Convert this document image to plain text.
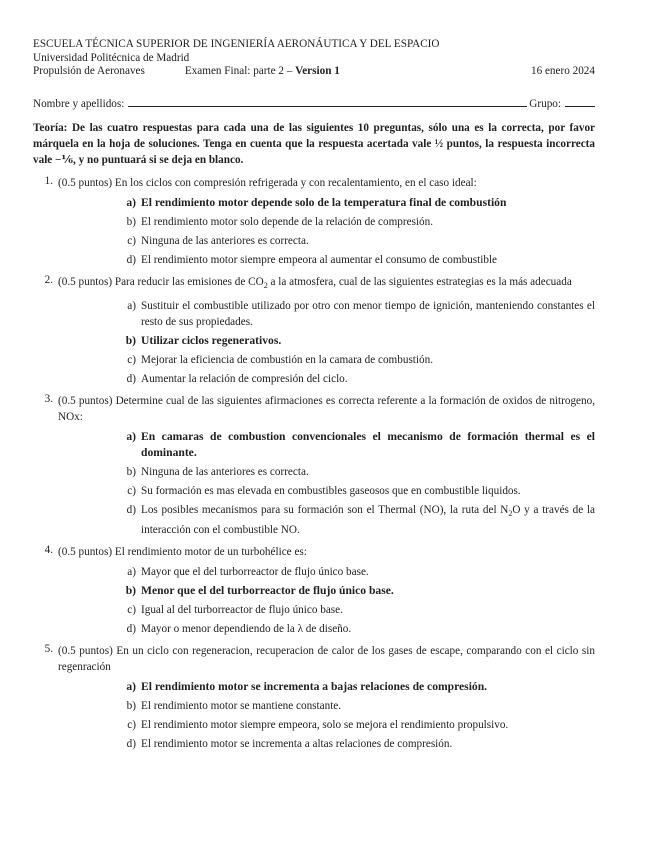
ESCUELA TÉCNICA SUPERIOR DE INGENIERÍA AERONÁUTICA Y DEL ESPACIO
Universidad Politécnica de Madrid
Propulsión de Aeronaves	Examen Final: parte 2 – Version 1	16 enero 2024
Nombre y apellidos:	Grupo:
Teoría: De las cuatro respuestas para cada una de las siguientes 10 preguntas, sólo una es la correcta, por favor márquela en la hoja de soluciones. Tenga en cuenta que la respuesta acertada vale ½ puntos, la respuesta incorrecta vale −⅙, y no puntuará si se deja en blanco.
1. (0.5 puntos) En los ciclos con compresión refrigerada y con recalentamiento, en el caso ideal:
a) El rendimiento motor depende solo de la temperatura final de combustión
b) El rendimiento motor solo depende de la relación de compresión.
c) Ninguna de las anteriores es correcta.
d) El rendimiento motor siempre empeora al aumentar el consumo de combustible
2. (0.5 puntos) Para reducir las emisiones de $CO_2$ a la atmosfera, cual de las siguientes estrategias es la más adecuada
a) Sustituir el combustible utilizado por otro con menor tiempo de ignición, manteniendo constantes el resto de sus propiedades.
b) Utilizar ciclos regenerativos.
c) Mejorar la eficiencia de combustión en la camara de combustión.
d) Aumentar la relación de compresión del ciclo.
3. (0.5 puntos) Determine cual de las siguientes afirmaciones es correcta referente a la formación de oxidos de nitrogeno, NOx:
a) En camaras de combustion convencionales el mecanismo de formación thermal es el dominante.
b) Ninguna de las anteriores es correcta.
c) Su formación es mas elevada en combustibles gaseosos que en combustible liquidos.
d) Los posibles mecanismos para su formación son el Thermal (NO), la ruta del $N_2O$ y a través de la interacción con el combustible NO.
4. (0.5 puntos) El rendimiento motor de un turbohélice es:
a) Mayor que el del turborreactor de flujo único base.
b) Menor que el del turborreactor de flujo único base.
c) Igual al del turborreactor de flujo único base.
d) Mayor o menor dependiendo de la λ de diseño.
5. (0.5 puntos) En un ciclo con regeneracion, recuperacion de calor de los gases de escape, comparando con el ciclo sin regenración
a) El rendimiento motor se incrementa a bajas relaciones de compresión.
b) El rendimiento motor se mantiene constante.
c) El rendimiento motor siempre empeora, solo se mejora el rendimiento propulsivo.
d) El rendimiento motor se incrementa a altas relaciones de compresión.
